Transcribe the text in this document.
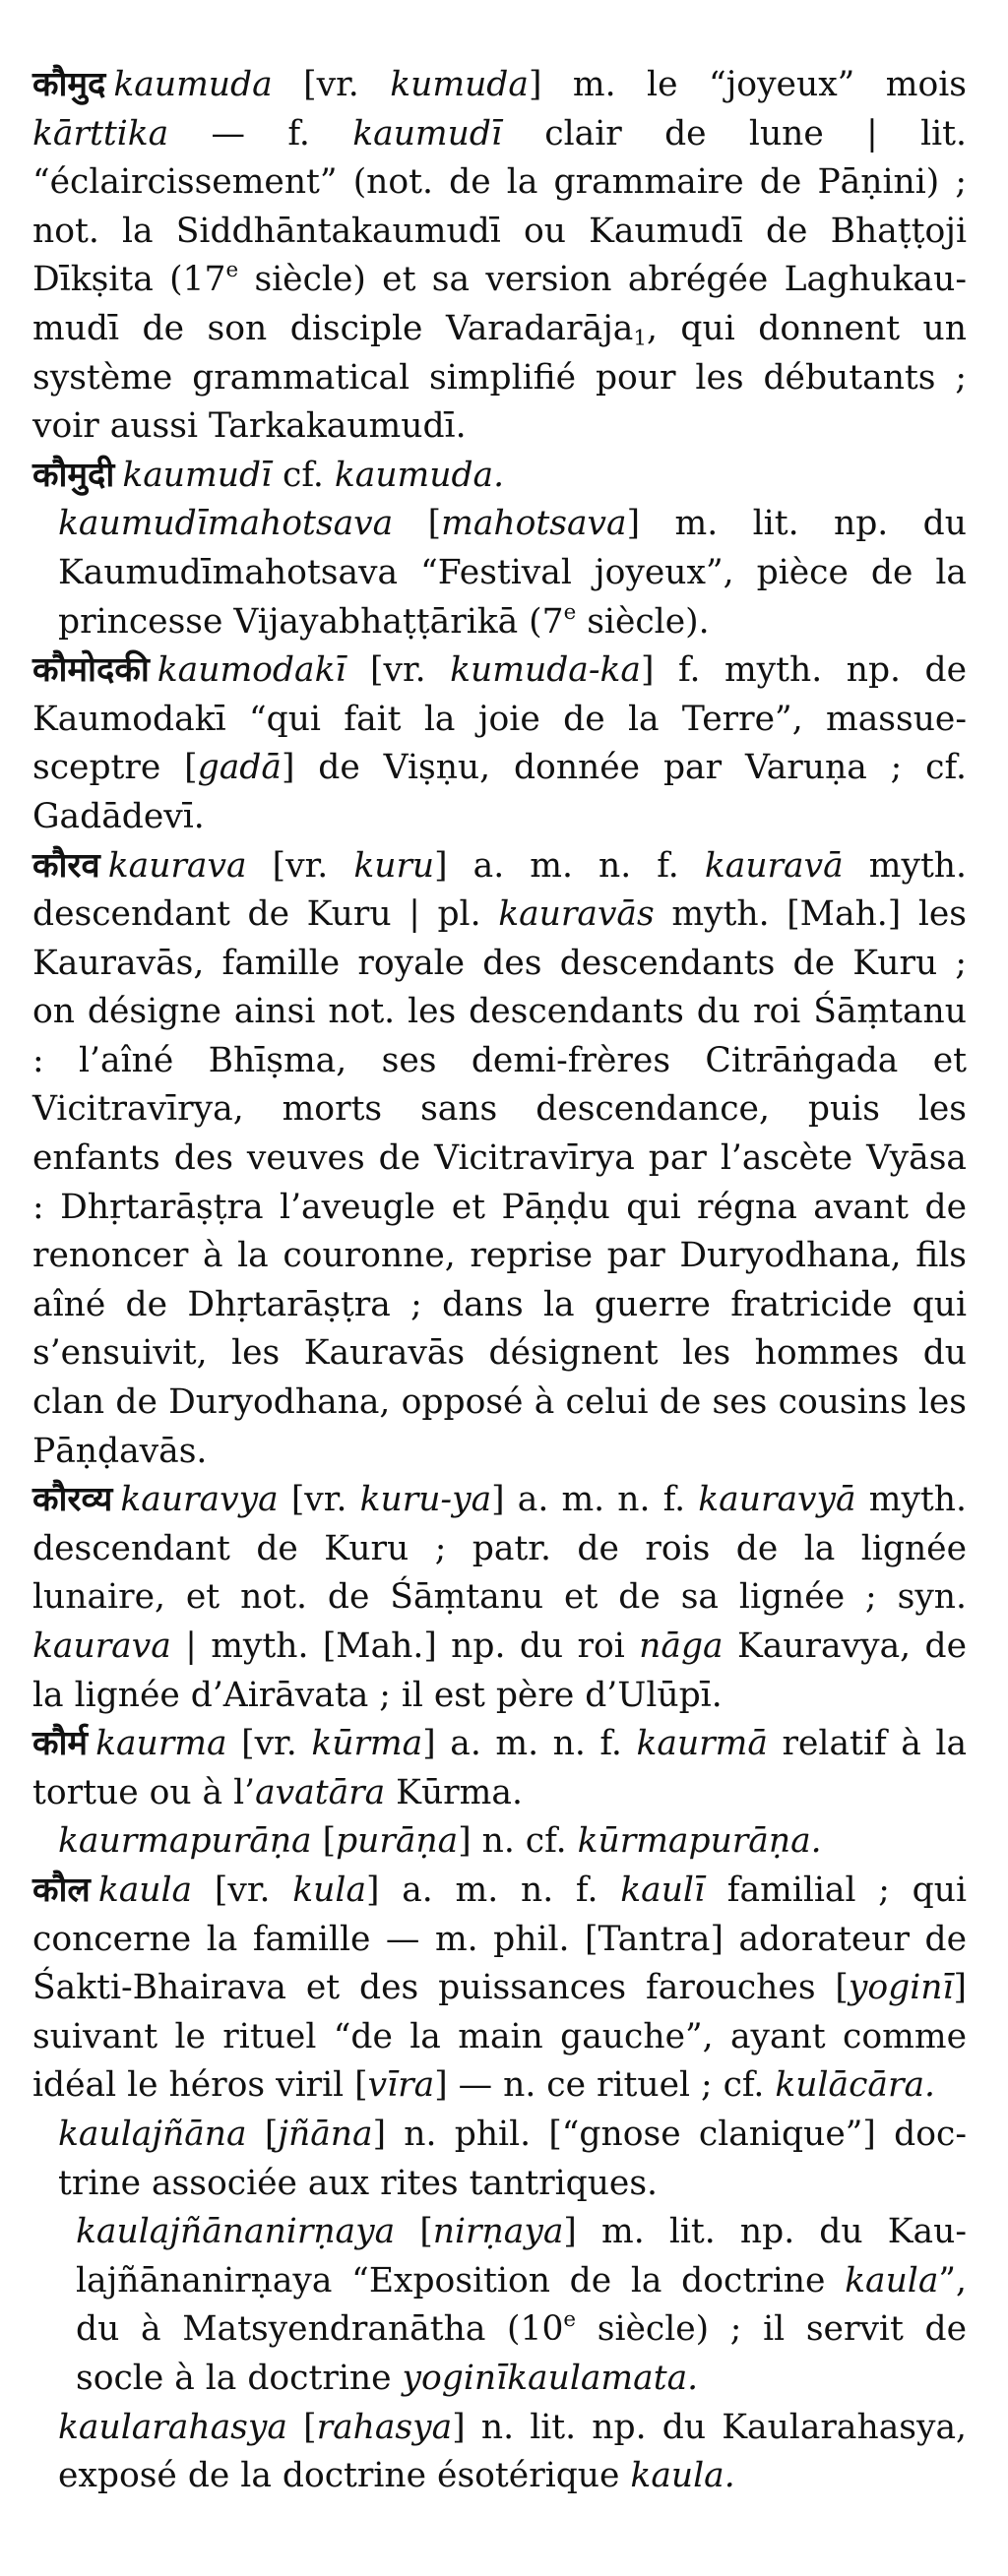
कौमुद kaumuda [vr. kumuda] m. le “joyeux” mois kārttika — f. kaumudī clair de lune | lit. “éclaircissement” (not. de la grammaire de Pāṇini) ; not. la Siddhāntakaumudī ou Kaumudī de Bhaṭṭoji Dīkṣita (17e siècle) et sa version abrégée Laghukaumudī de son disciple Varadarāja$_1$, qui donnent un système grammatical simplifié pour les débutants ; voir aussi Tarkakaumudī.

कौमुदी kaumudī cf. kaumuda.

kaumudīmahotsava [mahotsava] m. lit. np. du Kaumudīmahotsava “Festival joyeux”, pièce de la princesse Vijayabhaṭṭārikā (7e siècle).

कौमोदकी kaumodakī [vr. kumuda-ka] f. myth. np. de Kaumodakī “qui fait la joie de la Terre”, massue-sceptre [gadā] de Viṣṇu, donnée par Varuṇa ; cf. Gadādevī.

कौरव kaurava [vr. kuru] a. m. n. f. kauravā myth. descendant de Kuru | pl. kauravās myth. [Mah.] les Kauravās, famille royale des descendants de Kuru ; on désigne ainsi not. les descendants du roi Śāṃtanu : l’aîné Bhīṣma, ses demi-frères Citrāṅgada et Vicitravīrya, morts sans descendance, puis les enfants des veuves de Vicitravīrya par l’ascète Vyāsa : Dhṛtarāṣṭra l’aveugle et Pāṇḍu qui régna avant de renoncer à la couronne, reprise par Duryodhana, fils aîné de Dhṛtarāṣṭra ; dans la guerre fratricide qui s’ensuivit, les Kauravās désignent les hommes du clan de Duryodhana, opposé à celui de ses cousins les Pāṇḍavās.

कौरव्य kauravya [vr. kuru-ya] a. m. n. f. kauravyā myth. descendant de Kuru ; patr. de rois de la lignée lunaire, et not. de Śāṃtanu et de sa lignée ; syn. kaurava | myth. [Mah.] np. du roi nāga Kauravya, de la lignée d’Airāvata ; il est père d’Ulūpī.

कौर्म kaurma [vr. kūrma] a. m. n. f. kaurmā relatif à la tortue ou à l’avatāra Kūrma.

kaurmapurāṇa [purāṇa] n. cf. kūrmapurāṇa.

कौल kaula [vr. kula] a. m. n. f. kaulī familial ; qui concerne la famille — m. phil. [Tantra] adorateur de Śakti-Bhairava et des puissances farouches [yoginī] suivant le rituel “de la main gauche”, ayant comme idéal le héros viril [vīra] — n. ce rituel ; cf. kulācāra.

kaulajñāna [jñāna] n. phil. [“gnose clanique”] doctrine associée aux rites tantriques.

kaulajñānanirṇaya [nirṇaya] m. lit. np. du Kaulajñānanirṇaya “Exposition de la doctrine kaula”, du à Matsyendranātha (10e siècle) ; il servit de socle à la doctrine yoginīkaulamata.

kaularahasya [rahasya] n. lit. np. du Kaularahasya, exposé de la doctrine ésotérique kaula.
